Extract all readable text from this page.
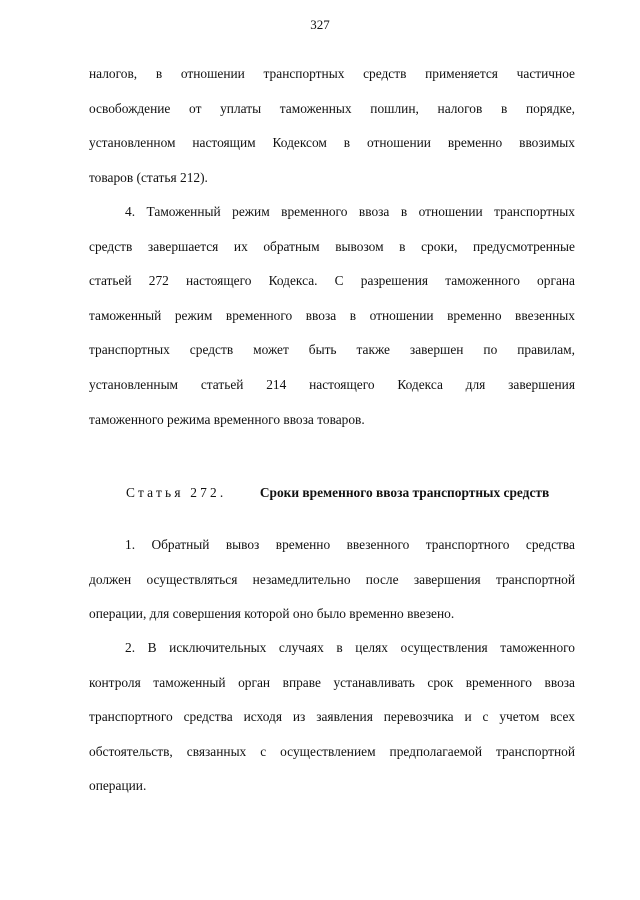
327
налогов, в отношении транспортных средств применяется частичное
освобождение от уплаты таможенных пошлин, налогов в порядке,
установленном настоящим Кодексом в отношении временно ввозимых
товаров (статья 212).
4. Таможенный режим временного ввоза в отношении транспортных
средств завершается их обратным вывозом в сроки, предусмотренные
статьей 272 настоящего Кодекса. С разрешения таможенного органа
таможенный режим временного ввоза в отношении временно ввезенных
транспортных средств может быть также завершен по правилам,
установленным статьей 214 настоящего Кодекса для завершения
таможенного режима временного ввоза товаров.
Статья 272. Сроки временного ввоза транспортных средств
1. Обратный вывоз временно ввезенного транспортного средства
должен осуществляться незамедлительно после завершения транспортной
операции, для совершения которой оно было временно ввезено.
2. В исключительных случаях в целях осуществления таможенного
контроля таможенный орган вправе устанавливать срок временного ввоза
транспортного средства исходя из заявления перевозчика и с учетом всех
обстоятельств, связанных с осуществлением предполагаемой транспортной
операции.
